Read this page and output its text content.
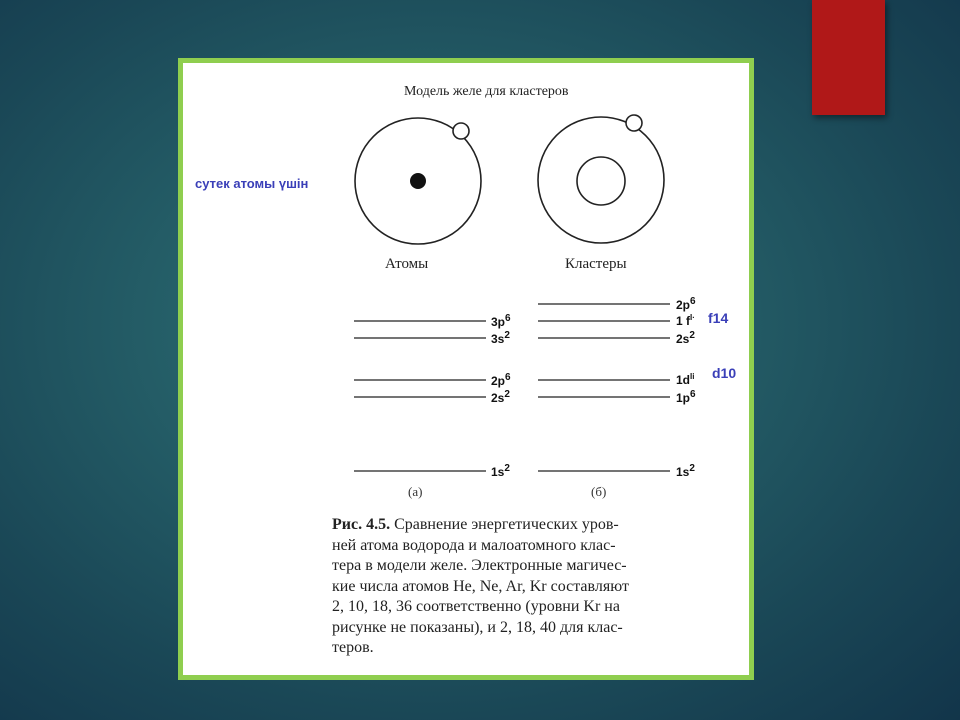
Модель желе для кластеров
Атомы	Кластеры
сутек атомы үшін
f14
d10
$3p^6$
$3s^2$
$2p^6$
$2s^2$
$1s^2$
$2p^6$
1 $f^{I\cdot}$
$2s^2$
$1d^{Ii}$
$1p^6$
$1s^2$
(а)	(б)
Рис. 4.5. Сравнение энергетических уров-
ней атома водорода и малоатомного клас-
тера в модели желе. Электронные магичес-
кие числа атомов He, Ne, Ar, Kr составляют
2, 10, 18, 36 соответственно (уровни Kr на
рисунке не показаны), и 2, 18, 40 для клас-
теров.
